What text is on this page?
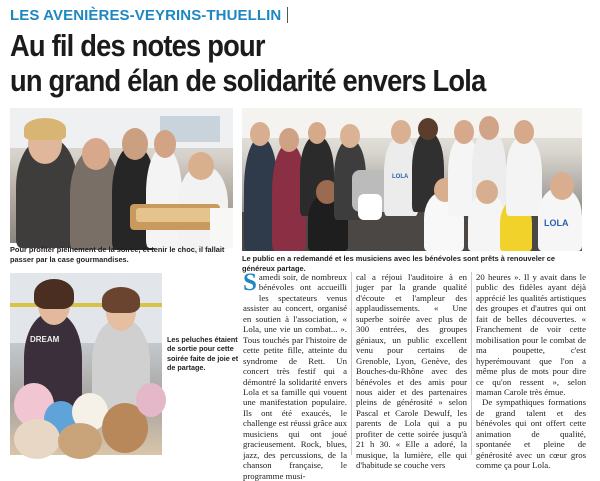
LES AVENIÈRES-VEYRINS-THUELLIN
Au fil des notes pour
un grand élan de solidarité envers Lola
Pour profiter pleinement de la soirée, et tenir le choc, il fallait passer par la case gourmandises.
LOLA
LOLA
Le public en a redemandé et les musiciens avec les bénévoles sont prêts à renouveler ce généreux partage.
DREAM	Les peluches étaient de sortie pour cette soirée faite de joie et de partage.
S amedi soir, de nombreux bénévoles ont accueilli les spectateurs venus assister au concert, organisé en soutien à l'association, « Lola, une vie un combat... ». Tous touchés par l'histoire de cette petite fille, atteinte du syndrome de Rett. Un concert très festif qui a démontré la solidarité envers Lola et sa famille qui vouent une manifestation populaire. Ils ont été exaucés, le challenge est réussi grâce aux musiciens qui ont joué gracieusement. Rock, blues, jazz, des percussions, de la chanson française, le programme musi-
cal a réjoui l'auditoire à en juger par la grande qualité d'écoute et l'ampleur des applaudissements. « Une superbe soirée avec plus de 300 entrées, des groupes géniaux, un public excellent venu pour certains de Grenoble, Lyon, Genève, des Bouches-du-Rhône avec des bénévoles et des amis pour nous aider et des partenaires pleins de générosité » selon Pascal et Carole Dewulf, les parents de Lola qui a pu profiter de cette soirée jusqu'à 21 h 30. « Elle a adoré, la musique, la lumière, elle qui d'habitude se couche vers
20 heures ». Il y avait dans le public des fidèles ayant déjà apprécié les qualités artistiques des groupes et d'autres qui ont fait de belles découvertes. « Franchement de voir cette mobilisation pour le combat de ma poupette, c'est hyperémouvant que l'on a même plus de mots pour dire ce qu'on ressent », selon maman Carole très émue.

De sympathiques formations de grand talent et des bénévoles qui ont offert cette animation de qualité, spontanée et pleine de générosité avec un cœur gros comme ça pour Lola.
